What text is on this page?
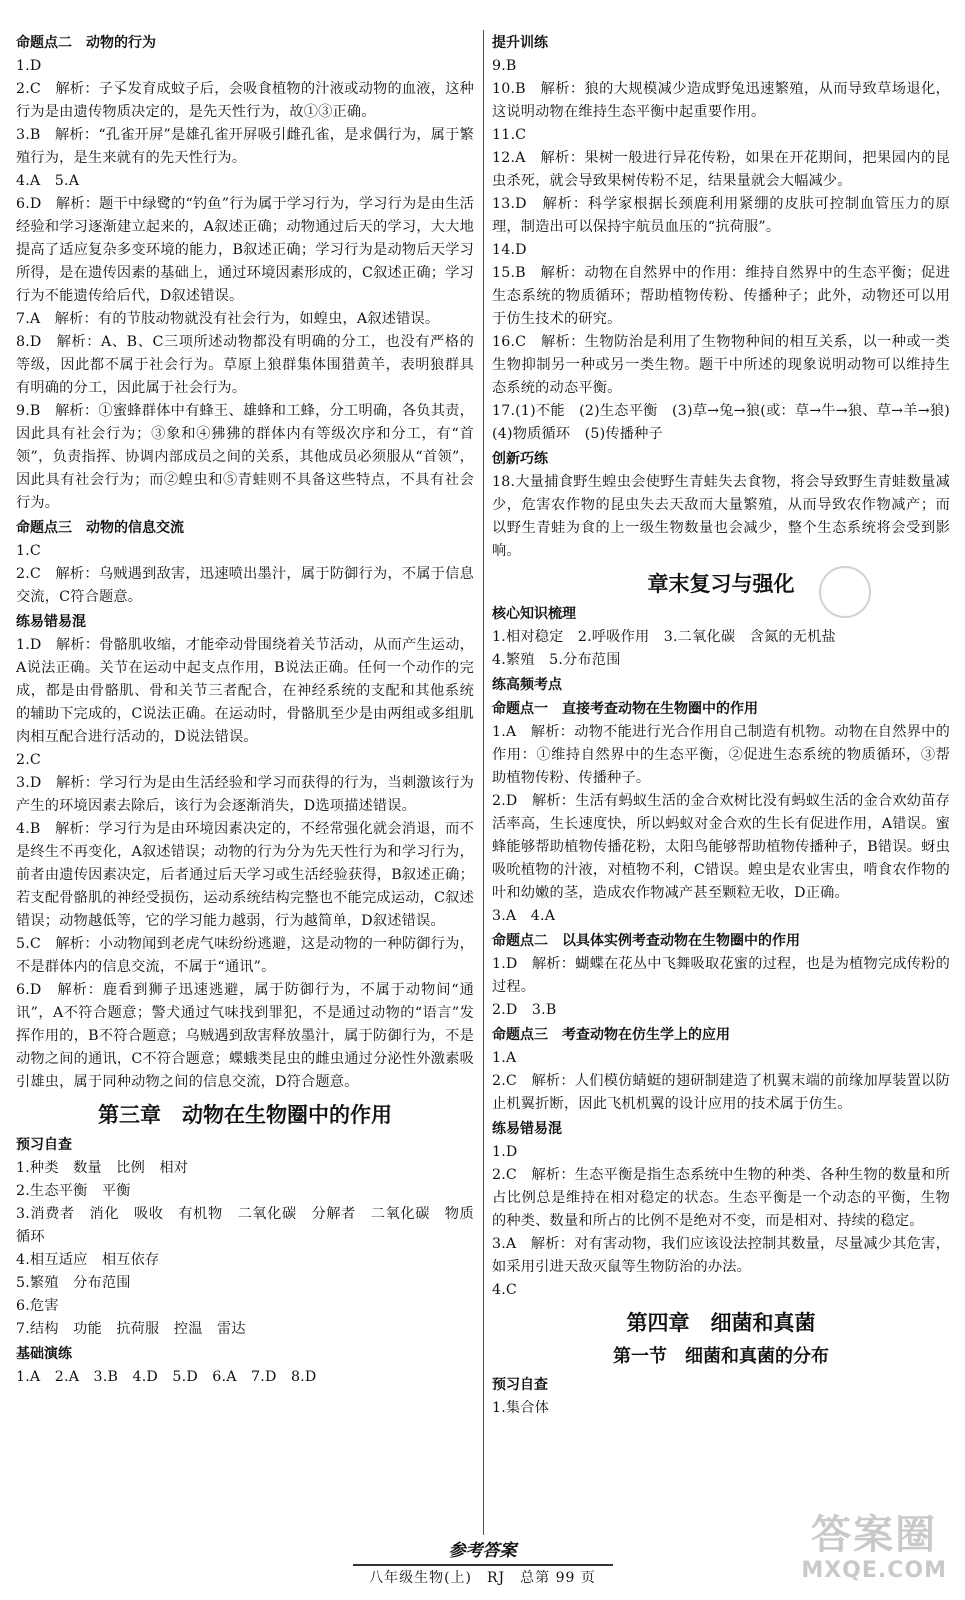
命题点二　动物的行为
1.D
2.C　解析：子孓发育成蚊子后，会吸食植物的汁液或动物的血液，这种行为是由遗传物质决定的，是先天性行为，故①③正确。
3.B　解析：“孔雀开屏”是雄孔雀开屏吸引雌孔雀，是求偶行为，属于繁殖行为，是生来就有的先天性行为。
4.A　5.A
6.D　解析：题干中绿鹭的“钓鱼”行为属于学习行为，学习行为是由生活经验和学习逐渐建立起来的，A叙述正确；动物通过后天的学习，大大地提高了适应复杂多变环境的能力，B叙述正确；学习行为是动物后天学习所得，是在遗传因素的基础上，通过环境因素形成的，C叙述正确；学习行为不能遗传给后代，D叙述错误。
7.A　解析：有的节肢动物就没有社会行为，如蝗虫，A叙述错误。
8.D　解析：A、B、C三项所述动物都没有明确的分工，也没有严格的等级，因此都不属于社会行为。草原上狼群集体围猎黄羊，表明狼群具有明确的分工，因此属于社会行为。
9.B　解析：①蜜蜂群体中有蜂王、雄蜂和工蜂，分工明确，各负其责，因此具有社会行为；③象和④狒狒的群体内有等级次序和分工，有“首领”，负责指挥、协调内部成员之间的关系，其他成员必须服从“首领”，因此具有社会行为；而②蝗虫和⑤青蛙则不具备这些特点，不具有社会行为。
命题点三　动物的信息交流
1.C
2.C　解析：乌贼遇到敌害，迅速喷出墨汁，属于防御行为，不属于信息交流，C符合题意。
练易错易混
1.D　解析：骨骼肌收缩，才能牵动骨围绕着关节活动，从而产生运动，A说法正确。关节在运动中起支点作用，B说法正确。任何一个动作的完成，都是由骨骼肌、骨和关节三者配合，在神经系统的支配和其他系统的辅助下完成的，C说法正确。在运动时，骨骼肌至少是由两组或多组肌肉相互配合进行活动的，D说法错误。
2.C
3.D　解析：学习行为是由生活经验和学习而获得的行为，当刺激该行为产生的环境因素去除后，该行为会逐渐消失，D选项描述错误。
4.B　解析：学习行为是由环境因素决定的，不经常强化就会消退，而不是终生不再变化，A叙述错误；动物的行为分为先天性行为和学习行为，前者由遗传因素决定，后者通过后天学习或生活经验获得，B叙述正确；若支配骨骼肌的神经受损伤，运动系统结构完整也不能完成运动，C叙述错误；动物越低等，它的学习能力越弱，行为越简单，D叙述错误。
5.C　解析：小动物闻到老虎气味纷纷逃避，这是动物的一种防御行为，不是群体内的信息交流，不属于“通讯”。
6.D　解析：鹿看到狮子迅速逃避，属于防御行为，不属于动物间“通讯”，A不符合题意；警犬通过气味找到罪犯，不是通过动物的“语言”发挥作用的，B不符合题意；乌贼遇到敌害释放墨汁，属于防御行为，不是动物之间的通讯，C不符合题意；蝶蛾类昆虫的雌虫通过分泌性外激素吸引雄虫，属于同种动物之间的信息交流，D符合题意。
第三章　动物在生物圈中的作用
预习自查
1.种类　数量　比例　相对
2.生态平衡　平衡
3.消费者　消化　吸收　有机物　二氧化碳　分解者　二氧化碳　物质循环
4.相互适应　相互依存
5.繁殖　分布范围
6.危害
7.结构　功能　抗荷服　控温　雷达
基础演练
1.A　2.A　3.B　4.D　5.D　6.A　7.D　8.D
提升训练
9.B
10.B　解析：狼的大规模减少造成野兔迅速繁殖，从而导致草场退化，这说明动物在维持生态平衡中起重要作用。
11.C
12.A　解析：果树一般进行异花传粉，如果在开花期间，把果园内的昆虫杀死，就会导致果树传粉不足，结果量就会大幅减少。
13.D　解析：科学家根据长颈鹿利用紧绷的皮肤可控制血管压力的原理，制造出可以保持宇航员血压的“抗荷服”。
14.D
15.B　解析：动物在自然界中的作用：维持自然界中的生态平衡；促进生态系统的物质循环；帮助植物传粉、传播种子；此外，动物还可以用于仿生技术的研究。
16.C　解析：生物防治是利用了生物物种间的相互关系，以一种或一类生物抑制另一种或另一类生物。题干中所述的现象说明动物可以维持生态系统的动态平衡。
17.(1)不能　(2)生态平衡　(3)草→兔→狼(或：草→牛→狼、草→羊→狼)　(4)物质循环　(5)传播种子
创新巧练
18.大量捕食野生蝗虫会使野生青蛙失去食物，将会导致野生青蛙数量减少，危害农作物的昆虫失去天敌而大量繁殖，从而导致农作物减产；而以野生青蛙为食的上一级生物数量也会减少，整个生态系统将会受到影响。
章末复习与强化
核心知识梳理
1.相对稳定　2.呼吸作用　3.二氧化碳　含氮的无机盐
4.繁殖　5.分布范围
练高频考点
命题点一　直接考查动物在生物圈中的作用
1.A　解析：动物不能进行光合作用自己制造有机物。动物在自然界中的作用：①维持自然界中的生态平衡，②促进生态系统的物质循环，③帮助植物传粉、传播种子。
2.D　解析：生活有蚂蚁生活的金合欢树比没有蚂蚁生活的金合欢幼苗存活率高，生长速度快，所以蚂蚁对金合欢的生长有促进作用，A错误。蜜蜂能够帮助植物传播花粉，太阳鸟能够帮助植物传播种子，B错误。蚜虫吸吮植物的汁液，对植物不利，C错误。蝗虫是农业害虫，啃食农作物的叶和幼嫩的茎，造成农作物减产甚至颗粒无收，D正确。
3.A　4.A
命题点二　以具体实例考查动物在生物圈中的作用
1.D　解析：蝴蝶在花丛中飞舞吸取花蜜的过程，也是为植物完成传粉的过程。
2.D　3.B
命题点三　考查动物在仿生学上的应用
1.A
2.C　解析：人们模仿蜻蜓的翅研制建造了机翼末端的前缘加厚装置以防止机翼折断，因此飞机机翼的设计应用的技术属于仿生。
练易错易混
1.D
2.C　解析：生态平衡是指生态系统中生物的种类、各种生物的数量和所占比例总是维持在相对稳定的状态。生态平衡是一个动态的平衡，生物的种类、数量和所占的比例不是绝对不变，而是相对、持续的稳定。
3.A　解析：对有害动物，我们应该设法控制其数量，尽量减少其危害，如采用引进天敌灭鼠等生物防治的办法。
4.C
第四章　细菌和真菌
第一节　细菌和真菌的分布
预习自查
1.集合体
参考答案
八年级生物(上)　RJ　总第 99 页
答案圈
MXQE.COM
